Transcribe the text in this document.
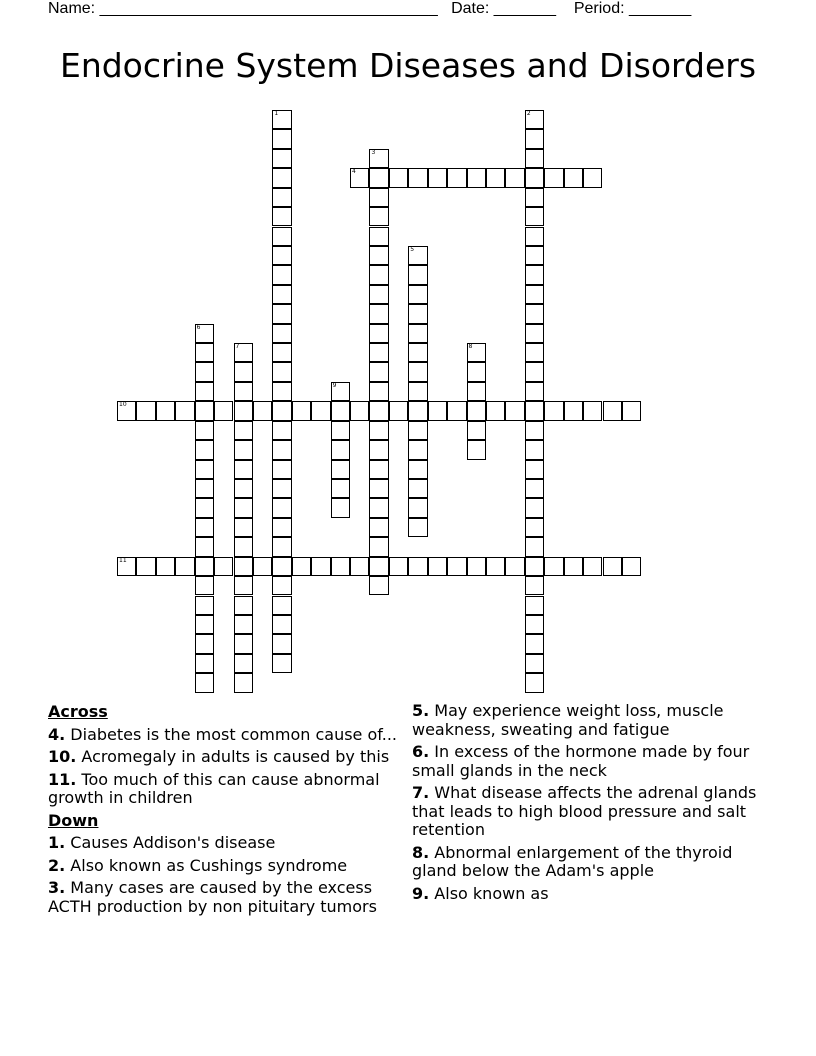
Name: ______________________________________ Date: _______ Period: _______
Endocrine System Diseases and Disorders
1	2
3
4
5
6
7	8
9
10
11
Across
4. Diabetes is the most common cause of...
10. Acromegaly in adults is caused by this
11. Too much of this can cause abnormal growth in children
Down
1. Causes Addison's disease
2. Also known as Cushings syndrome
3. Many cases are caused by the excess ACTH production by non pituitary tumors
5. May experience weight loss, muscle weakness, sweating and fatigue
6. In excess of the hormone made by four small glands in the neck
7. What disease affects the adrenal glands that leads to high blood pressure and salt retention
8. Abnormal enlargement of the thyroid gland below the Adam's apple
9. Also known as
